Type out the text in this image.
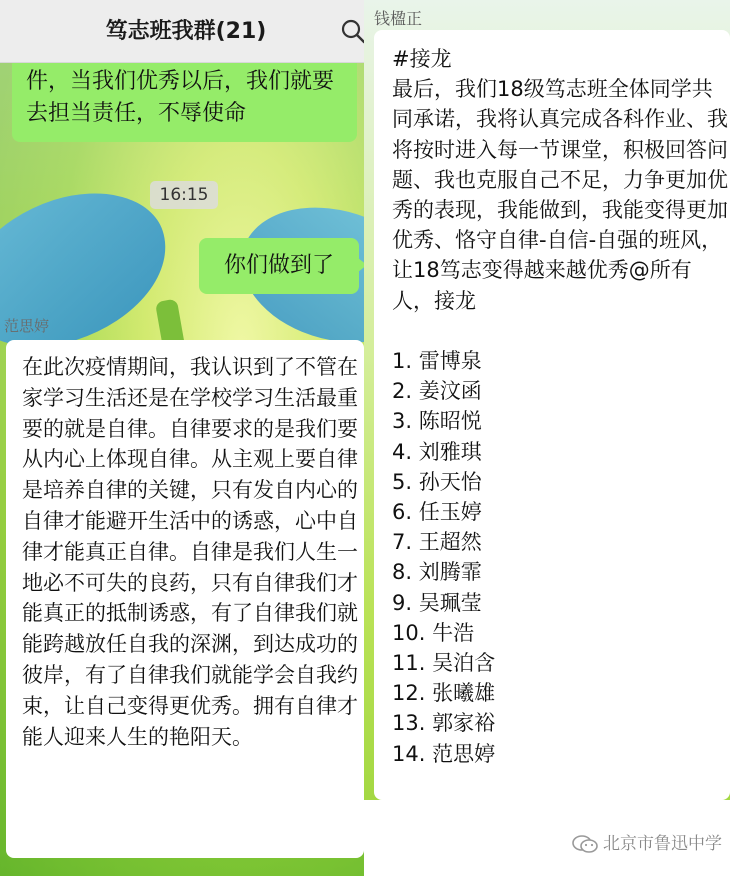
件，当我们优秀以后，我们就要去担当责任，不辱使命
16:15
你们做到了
范思婷
在此次疫情期间，我认识到了不管在家学习生活还是在学校学习生活最重要的就是自律。自律要求的是我们要从内心上体现自律。从主观上要自律是培养自律的关键，只有发自内心的自律才能避开生活中的诱惑，心中自律才能真正自律。自律是我们人生一地必不可失的良药，只有自律我们才能真正的抵制诱惑，有了自律我们就能跨越放任自我的深渊，到达成功的彼岸，有了自律我们就能学会自我约束，让自己变得更优秀。拥有自律才能人迎来人生的艳阳天。
笃志班我群(21)
钱楹正
#接龙
最后，我们18级笃志班全体同学共同承诺，我将认真完成各科作业、我将按时进入每一节课堂，积极回答问题、我也克服自己不足，力争更加优秀的表现，我能做到，我能变得更加优秀、恪守自律-自信-自强的班风，让18笃志变得越来越优秀@所有人，接龙

1. 雷博泉
2. 姜汶函
3. 陈昭悦
4. 刘雅琪
5. 孙天怡
6. 任玉婷
7. 王超然
8. 刘腾霏
9. 吴珮莹
10. 牛浩
11. 吴泊含
12. 张曦雄
13. 郭家裕
14. 范思婷
北京市鲁迅中学
